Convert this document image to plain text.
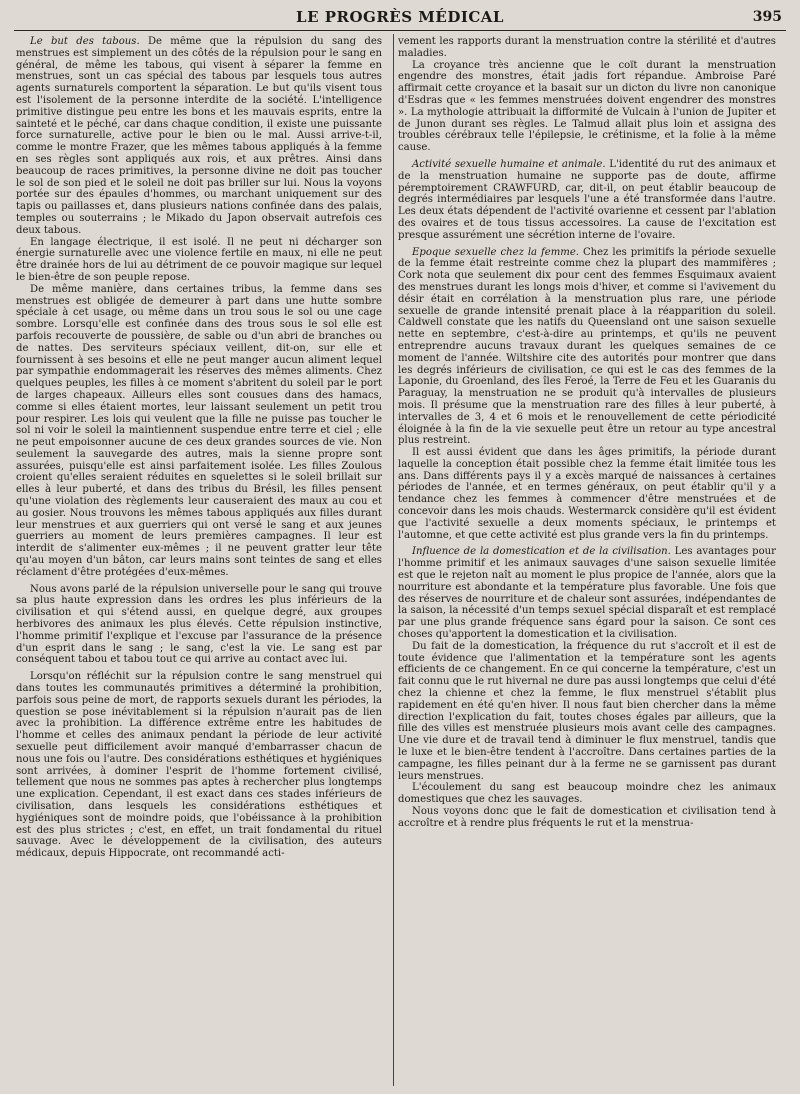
LE PROGRÈS MÉDICAL	395

Le but des tabous. De même que la répulsion du sang des menstrues est simplement un des côtés de la répulsion pour le sang en général, de même les tabous, qui visent à séparer la femme en menstrues, sont un cas spécial des tabous par lesquels tous autres agents surnaturels comportent la séparation. Le but qu'ils visent tous est l'isolement de la personne interdite de la société. L'intelligence primitive distingue peu entre les bons et les mauvais esprits, entre la sainteté et le péché, car dans chaque condition, il existe une puissante force surnaturelle, active pour le bien ou le mal. Aussi arrive-t-il, comme le montre Frazer, que les mêmes tabous appliqués à la femme en ses règles sont appliqués aux rois, et aux prêtres. Ainsi dans beaucoup de races primitives, la personne divine ne doit pas toucher le sol de son pied et le soleil ne doit pas briller sur lui. Nous la voyons portée sur des épaules d'hommes, ou marchant uniquement sur des tapis ou paillasses et, dans plusieurs nations confinée dans des palais, temples ou souterrains ; le Mikado du Japon observait autrefois ces deux tabous.

En langage électrique, il est isolé. Il ne peut ni décharger son énergie surnaturelle avec une violence fertile en maux, ni elle ne peut être drainée hors de lui au détriment de ce pouvoir magique sur lequel le bien-être de son peuple repose.

De même manière, dans certaines tribus, la femme dans ses menstrues est obligée de demeurer à part dans une hutte sombre spéciale à cet usage, ou même dans un trou sous le sol ou une cage sombre. Lorsqu'elle est confinée dans des trous sous le sol elle est parfois recouverte de poussière, de sable ou d'un abri de branches ou de nattes. Des serviteurs spéciaux veillent, dit-on, sur elle et fournissent à ses besoins et elle ne peut manger aucun aliment lequel par sympathie endommagerait les réserves des mêmes aliments. Chez quelques peuples, les filles à ce moment s'abritent du soleil par le port de larges chapeaux. Ailleurs elles sont cousues dans des hamacs, comme si elles étaient mortes, leur laissant seulement un petit trou pour respirer. Les lois qui veulent que la fille ne puisse pas toucher le sol ni voir le soleil la maintiennent suspendue entre terre et ciel ; elle ne peut empoisonner aucune de ces deux grandes sources de vie. Non seulement la sauvegarde des autres, mais la sienne propre sont assurées, puisqu'elle est ainsi parfaitement isolée. Les filles Zoulous croient qu'elles seraient réduites en squelettes si le soleil brillait sur elles à leur puberté, et dans des tribus du Brésil, les filles pensent qu'une violation des règlements leur causeraient des maux au cou et au gosier. Nous trouvons les mêmes tabous appliqués aux filles durant leur menstrues et aux guerriers qui ont versé le sang et aux jeunes guerriers au moment de leurs premières campagnes. Il leur est interdit de s'alimenter eux-mêmes ; il ne peuvent gratter leur tête qu'au moyen d'un bâton, car leurs mains sont teintes de sang et elles réclament d'être protégées d'eux-mêmes.

Nous avons parlé de la répulsion universelle pour le sang qui trouve sa plus haute expression dans les ordres les plus inférieurs de la civilisation et qui s'étend aussi, en quelque degré, aux groupes herbivores des animaux les plus élevés. Cette répulsion instinctive, l'homme primitif l'explique et l'excuse par l'assurance de la présence d'un esprit dans le sang ; le sang, c'est la vie. Le sang est par conséquent tabou et tabou tout ce qui arrive au contact avec lui.

Lorsqu'on réfléchit sur la répulsion contre le sang menstruel qui dans toutes les communautés primitives a déterminé la prohibition, parfois sous peine de mort, de rapports sexuels durant les périodes, la question se pose inévitablement si la répulsion n'aurait pas de lien avec la prohibition. La différence extrême entre les habitudes de l'homme et celles des animaux pendant la période de leur activité sexuelle peut difficilement avoir manqué d'embarrasser chacun de nous une fois ou l'autre. Des considérations esthétiques et hygiéniques sont arrivées, à dominer l'esprit de l'homme fortement civilisé, tellement que nous ne sommes pas aptes à rechercher plus longtemps une explication. Cependant, il est exact dans ces stades inférieurs de civilisation, dans lesquels les considérations esthétiques et hygiéniques sont de moindre poids, que l'obéissance à la prohibition est des plus strictes ; c'est, en effet, un trait fondamental du rituel sauvage. Avec le développement de la civilisation, des auteurs médicaux, depuis Hippocrate, ont recommandé acti-

vement les rapports durant la menstruation contre la stérilité et d'autres maladies.

La croyance très ancienne que le coït durant la menstruation engendre des monstres, était jadis fort répandue. Ambroise Paré affirmait cette croyance et la basait sur un dicton du livre non canonique d'Esdras que « les femmes menstruées doivent engendrer des monstres ». La mythologie attribuait la difformité de Vulcain à l'union de Jupiter et de Junon durant ses règles. Le Talmud allait plus loin et assigna des troubles cérébraux telle l'épilepsie, le crétinisme, et la folie à la même cause.

Activité sexuelle humaine et animale. L'identité du rut des animaux et de la menstruation humaine ne supporte pas de doute, affirme péremptoirement CRAWFURD, car, dit-il, on peut établir beaucoup de degrés intermédiaires par lesquels l'une a été transformée dans l'autre. Les deux états dépendent de l'activité ovarienne et cessent par l'ablation des ovaires et de tous tissus accessoires. La cause de l'excitation est presque assurément une sécrétion interne de l'ovaire.

Epoque sexuelle chez la femme. Chez les primitifs la période sexuelle de la femme était restreinte comme chez la plupart des mammifères ; Cork nota que seulement dix pour cent des femmes Esquimaux avaient des menstrues durant les longs mois d'hiver, et comme si l'avivement du désir était en corrélation à la menstruation plus rare, une période sexuelle de grande intensité prenait place à la réapparition du soleil. Caldwell constate que les natifs du Queensland ont une saison sexuelle nette en septembre, c'est-à-dire au printemps, et qu'ils ne peuvent entreprendre aucuns travaux durant les quelques semaines de ce moment de l'année. Wiltshire cite des autorités pour montrer que dans les degrés inférieurs de civilisation, ce qui est le cas des femmes de la Laponie, du Groenland, des îles Feroé, la Terre de Feu et les Guaranis du Paraguay, la menstruation ne se produit qu'à intervalles de plusieurs mois. Il présume que la menstruation rare des filles à leur puberté, à intervalles de 3, 4 et 6 mois et le renouvellement de cette périodicité éloignée à la fin de la vie sexuelle peut être un retour au type ancestral plus restreint.

Il est aussi évident que dans les âges primitifs, la période durant laquelle la conception était possible chez la femme était limitée tous les ans. Dans différents pays il y a excès marqué de naissances à certaines périodes de l'année, et en termes généraux, on peut établir qu'il y a tendance chez les femmes à commencer d'être menstruées et de concevoir dans les mois chauds. Westermarck considère qu'il est évident que l'activité sexuelle a deux moments spéciaux, le printemps et l'automne, et que cette activité est plus grande vers la fin du printemps.

Influence de la domestication et de la civilisation. Les avantages pour l'homme primitif et les animaux sauvages d'une saison sexuelle limitée est que le rejeton naît au moment le plus propice de l'année, alors que la nourriture est abondante et la température plus favorable. Une fois que des réserves de nourriture et de chaleur sont assurées, indépendantes de la saison, la nécessité d'un temps sexuel spécial disparaît et est remplacé par une plus grande fréquence sans égard pour la saison. Ce sont ces choses qu'apportent la domestication et la civilisation.

Du fait de la domestication, la fréquence du rut s'accroît et il est de toute évidence que l'alimentation et la température sont les agents efficients de ce changement. En ce qui concerne la température, c'est un fait connu que le rut hivernal ne dure pas aussi longtemps que celui d'été chez la chienne et chez la femme, le flux menstruel s'établit plus rapidement en été qu'en hiver. Il nous faut bien chercher dans la même direction l'explication du fait, toutes choses égales par ailleurs, que la fille des villes est menstruée plusieurs mois avant celle des campagnes. Une vie dure et de travail tend à diminuer le flux menstruel, tandis que le luxe et le bien-être tendent à l'accroître. Dans certaines parties de la campagne, les filles peinant dur à la ferme ne se garnissent pas durant leurs menstrues.

L'écoulement du sang est beaucoup moindre chez les animaux domestiques que chez les sauvages.

Nous voyons donc que le fait de domestication et civilisation tend à accroître et à rendre plus fréquents le rut et la menstrua-
